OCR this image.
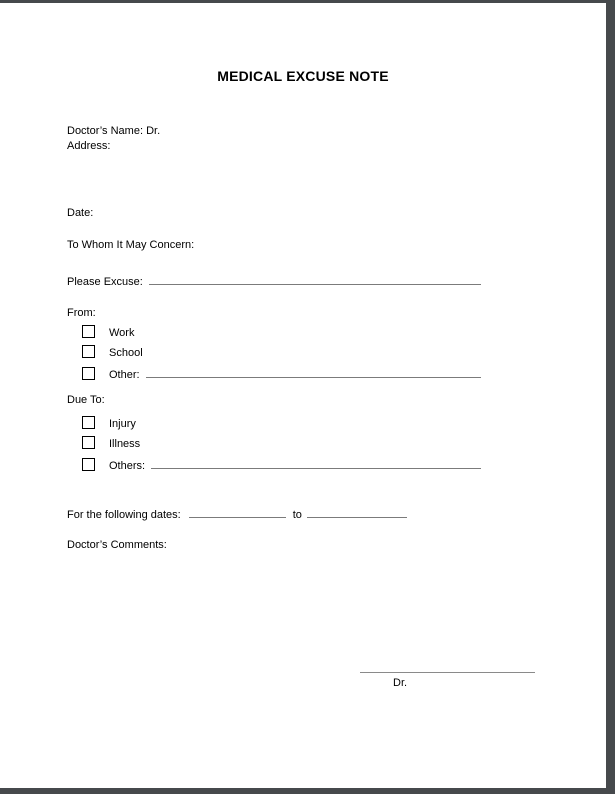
MEDICAL EXCUSE NOTE
Doctor’s Name: Dr.
Address:
Date:
To Whom It May Concern:
Please Excuse:
From:
Work
School
Other:
Due To:
Injury
Illness
Others:
For the following dates:	to
Doctor’s Comments:
Dr.
